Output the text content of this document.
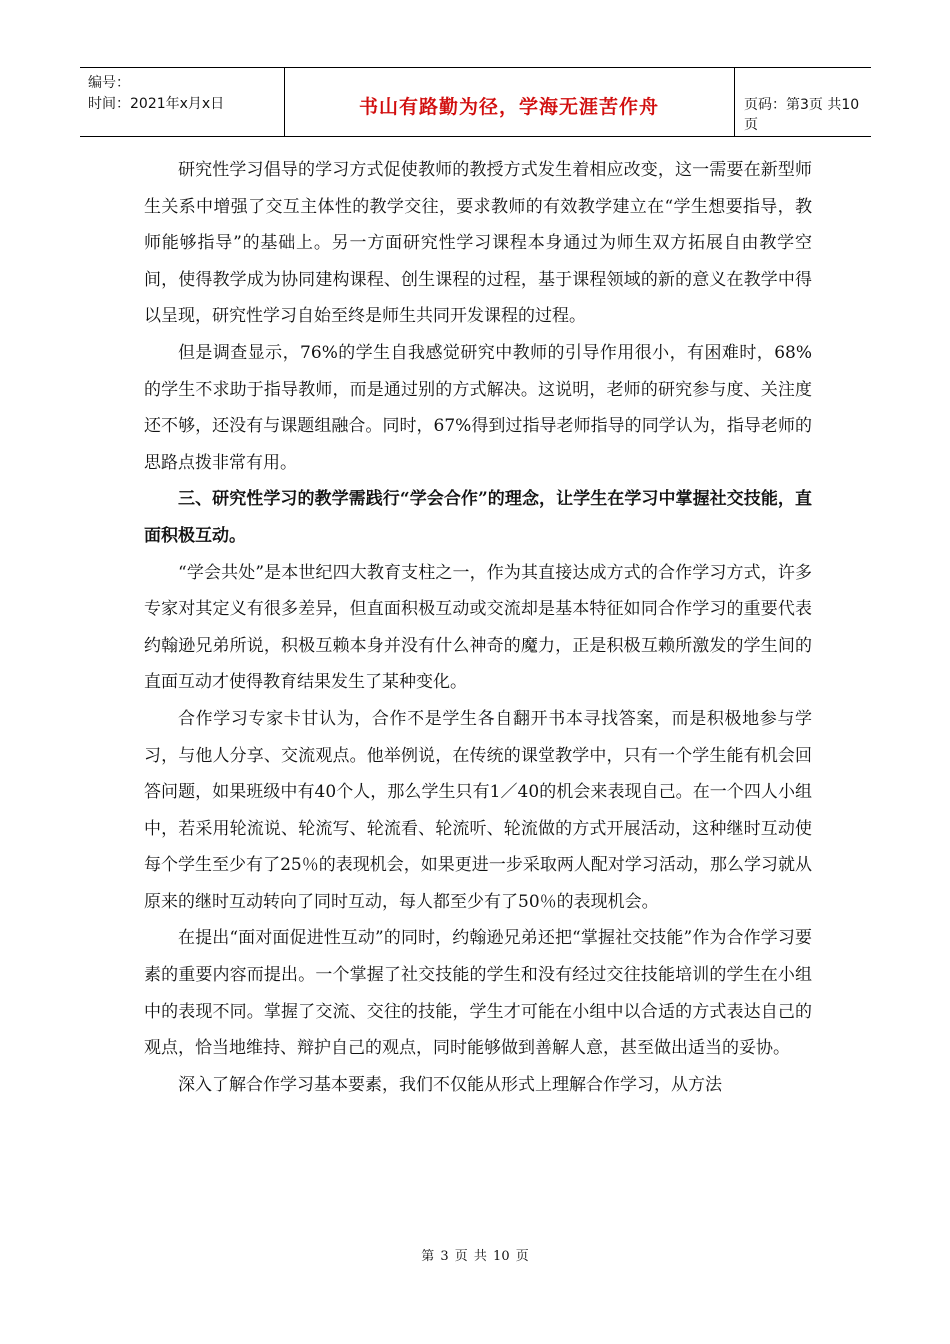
编号：
时间：2021年x月x日	书山有路勤为径，学海无涯苦作舟	页码：第3页 共10页

研究性学习倡导的学习方式促使教师的教授方式发生着相应改变，这一需要在新型师生关系中增强了交互主体性的教学交往，要求教师的有效教学建立在“学生想要指导，教师能够指导”的基础上。另一方面研究性学习课程本身通过为师生双方拓展自由教学空间，使得教学成为协同建构课程、创生课程的过程，基于课程领域的新的意义在教学中得以呈现，研究性学习自始至终是师生共同开发课程的过程。

但是调查显示，76%的学生自我感觉研究中教师的引导作用很小，有困难时，68%的学生不求助于指导教师，而是通过别的方式解决。这说明，老师的研究参与度、关注度还不够，还没有与课题组融合。同时，67%得到过指导老师指导的同学认为，指导老师的思路点拨非常有用。

三、研究性学习的教学需践行“学会合作”的理念，让学生在学习中掌握社交技能，直面积极互动。

“学会共处”是本世纪四大教育支柱之一，作为其直接达成方式的合作学习方式，许多专家对其定义有很多差异，但直面积极互动或交流却是基本特征如同合作学习的重要代表约翰逊兄弟所说，积极互赖本身并没有什么神奇的魔力，正是积极互赖所激发的学生间的直面互动才使得教育结果发生了某种变化。

合作学习专家卡甘认为，合作不是学生各自翻开书本寻找答案，而是积极地参与学习，与他人分享、交流观点。他举例说，在传统的课堂教学中，只有一个学生能有机会回答问题，如果班级中有40个人，那么学生只有1／40的机会来表现自己。在一个四人小组中，若采用轮流说、轮流写、轮流看、轮流听、轮流做的方式开展活动，这种继时互动使每个学生至少有了25％的表现机会，如果更进一步采取两人配对学习活动，那么学习就从原来的继时互动转向了同时互动，每人都至少有了50％的表现机会。

在提出“面对面促进性互动”的同时，约翰逊兄弟还把“掌握社交技能”作为合作学习要素的重要内容而提出。一个掌握了社交技能的学生和没有经过交往技能培训的学生在小组中的表现不同。掌握了交流、交往的技能，学生才可能在小组中以合适的方式表达自己的观点，恰当地维持、辩护自己的观点，同时能够做到善解人意，甚至做出适当的妥协。

深入了解合作学习基本要素，我们不仅能从形式上理解合作学习，从方法

第 3 页 共 10 页
